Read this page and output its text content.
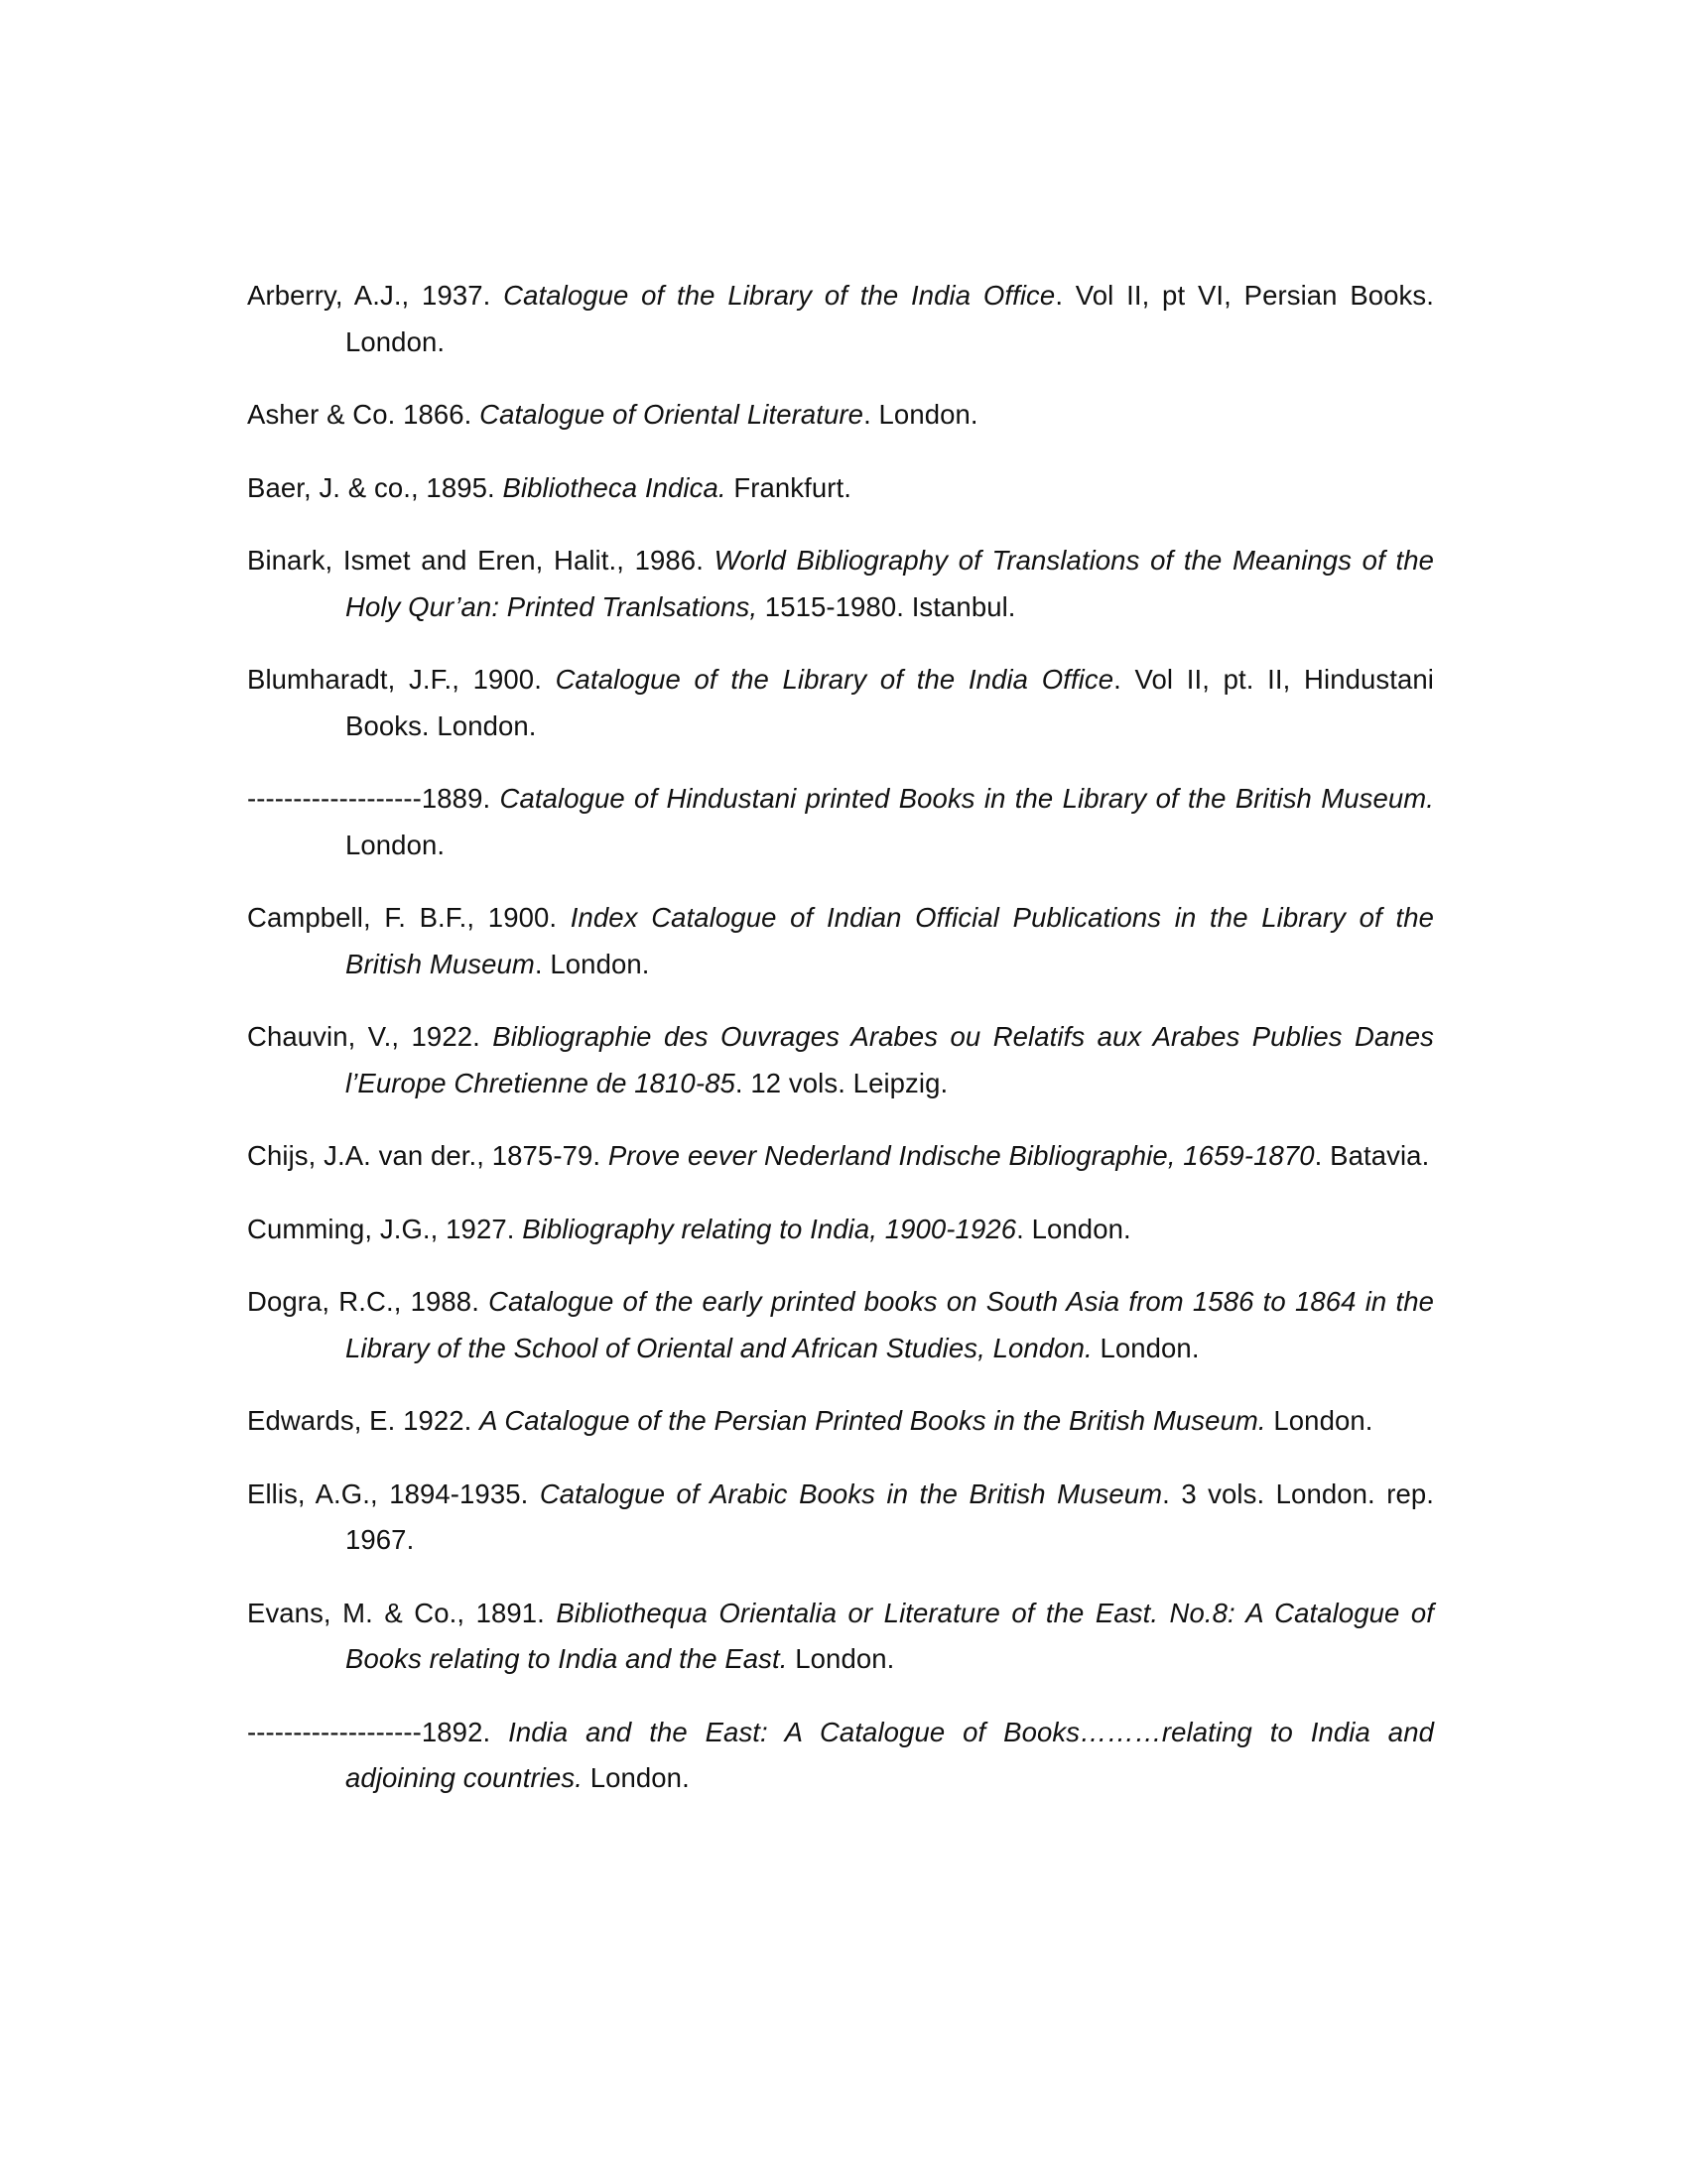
Arberry, A.J., 1937. Catalogue of the Library of the India Office. Vol II, pt VI, Persian Books. London.

Asher & Co. 1866. Catalogue of Oriental Literature. London.

Baer, J. & co., 1895. Bibliotheca Indica. Frankfurt.

Binark, Ismet and Eren, Halit., 1986. World Bibliography of Translations of the Meanings of the Holy Qur’an: Printed Tranlsations, 1515-1980. Istanbul.

Blumharadt, J.F., 1900. Catalogue of the Library of the India Office. Vol II, pt. II, Hindustani Books. London.

-------------------1889. Catalogue of Hindustani printed Books in the Library of the British Museum. London.

Campbell, F. B.F., 1900. Index Catalogue of Indian Official Publications in the Library of the British Museum. London.

Chauvin, V., 1922. Bibliographie des Ouvrages Arabes ou Relatifs aux Arabes Publies Danes l’Europe Chretienne de 1810-85. 12 vols. Leipzig.

Chijs, J.A. van der., 1875-79. Prove eever Nederland Indische Bibliographie, 1659-1870. Batavia.

Cumming, J.G., 1927. Bibliography relating to India, 1900-1926. London.

Dogra, R.C., 1988. Catalogue of the early printed books on South Asia from 1586 to 1864 in the Library of the School of Oriental and African Studies, London. London.

Edwards, E. 1922. A Catalogue of the Persian Printed Books in the British Museum. London.

Ellis, A.G., 1894-1935. Catalogue of Arabic Books in the British Museum. 3 vols. London. rep. 1967.

Evans, M. & Co., 1891. Bibliothequa Orientalia or Literature of the East. No.8: A Catalogue of Books relating to India and the East. London.

-------------------1892. India and the East: A Catalogue of Books………relating to India and adjoining countries. London.
